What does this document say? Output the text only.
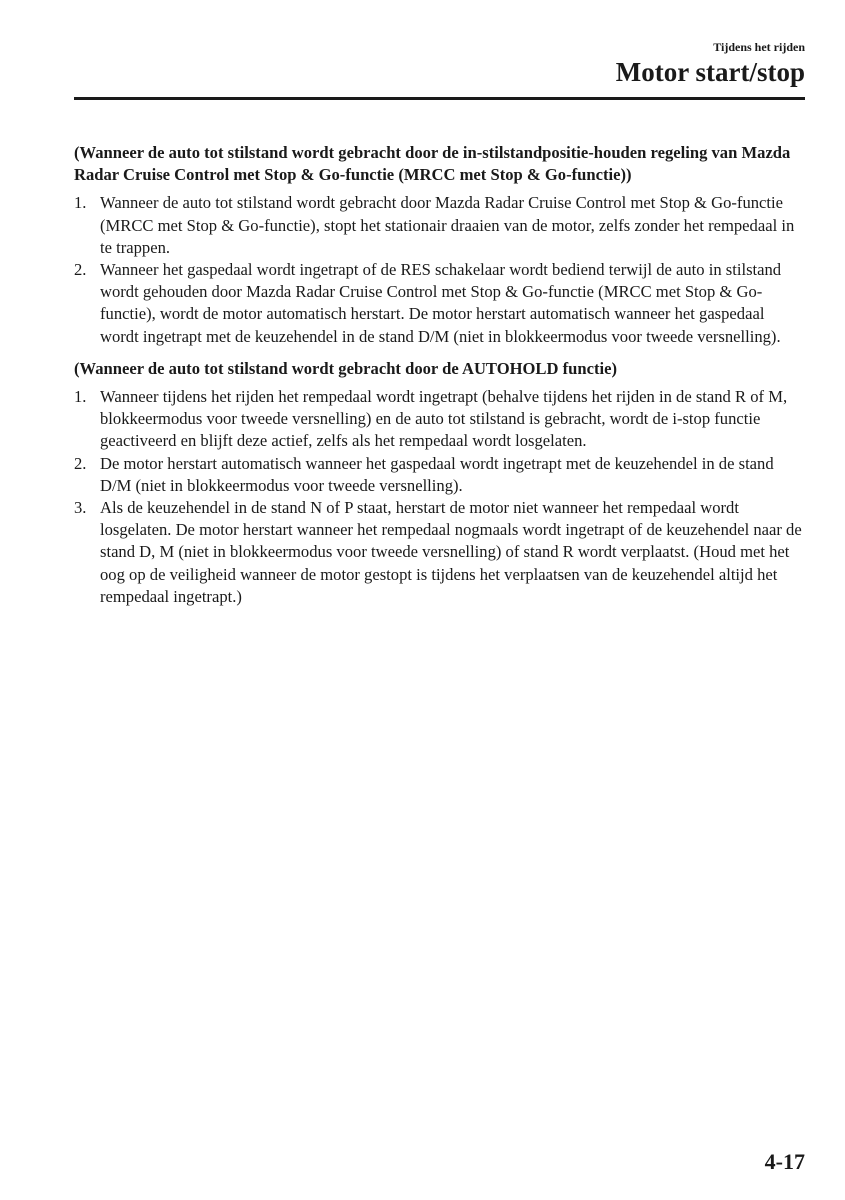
Tijdens het rijden
Motor start/stop
(Wanneer de auto tot stilstand wordt gebracht door de in-stilstandpositie-houden regeling van Mazda Radar Cruise Control met Stop & Go-functie (MRCC met Stop & Go-functie))
1. Wanneer de auto tot stilstand wordt gebracht door Mazda Radar Cruise Control met Stop & Go-functie (MRCC met Stop & Go-functie), stopt het stationair draaien van de motor, zelfs zonder het rempedaal in te trappen.
2. Wanneer het gaspedaal wordt ingetrapt of de RES schakelaar wordt bediend terwijl de auto in stilstand wordt gehouden door Mazda Radar Cruise Control met Stop & Go-functie (MRCC met Stop & Go-functie), wordt de motor automatisch herstart. De motor herstart automatisch wanneer het gaspedaal wordt ingetrapt met de keuzehendel in de stand D/M (niet in blokkeermodus voor tweede versnelling).
(Wanneer de auto tot stilstand wordt gebracht door de AUTOHOLD functie)
1. Wanneer tijdens het rijden het rempedaal wordt ingetrapt (behalve tijdens het rijden in de stand R of M, blokkeermodus voor tweede versnelling) en de auto tot stilstand is gebracht, wordt de i-stop functie geactiveerd en blijft deze actief, zelfs als het rempedaal wordt losgelaten.
2. De motor herstart automatisch wanneer het gaspedaal wordt ingetrapt met de keuzehendel in de stand D/M (niet in blokkeermodus voor tweede versnelling).
3. Als de keuzehendel in de stand N of P staat, herstart de motor niet wanneer het rempedaal wordt losgelaten. De motor herstart wanneer het rempedaal nogmaals wordt ingetrapt of de keuzehendel naar de stand D, M (niet in blokkeermodus voor tweede versnelling) of stand R wordt verplaatst. (Houd met het oog op de veiligheid wanneer de motor gestopt is tijdens het verplaatsen van de keuzehendel altijd het rempedaal ingetrapt.)
4-17
